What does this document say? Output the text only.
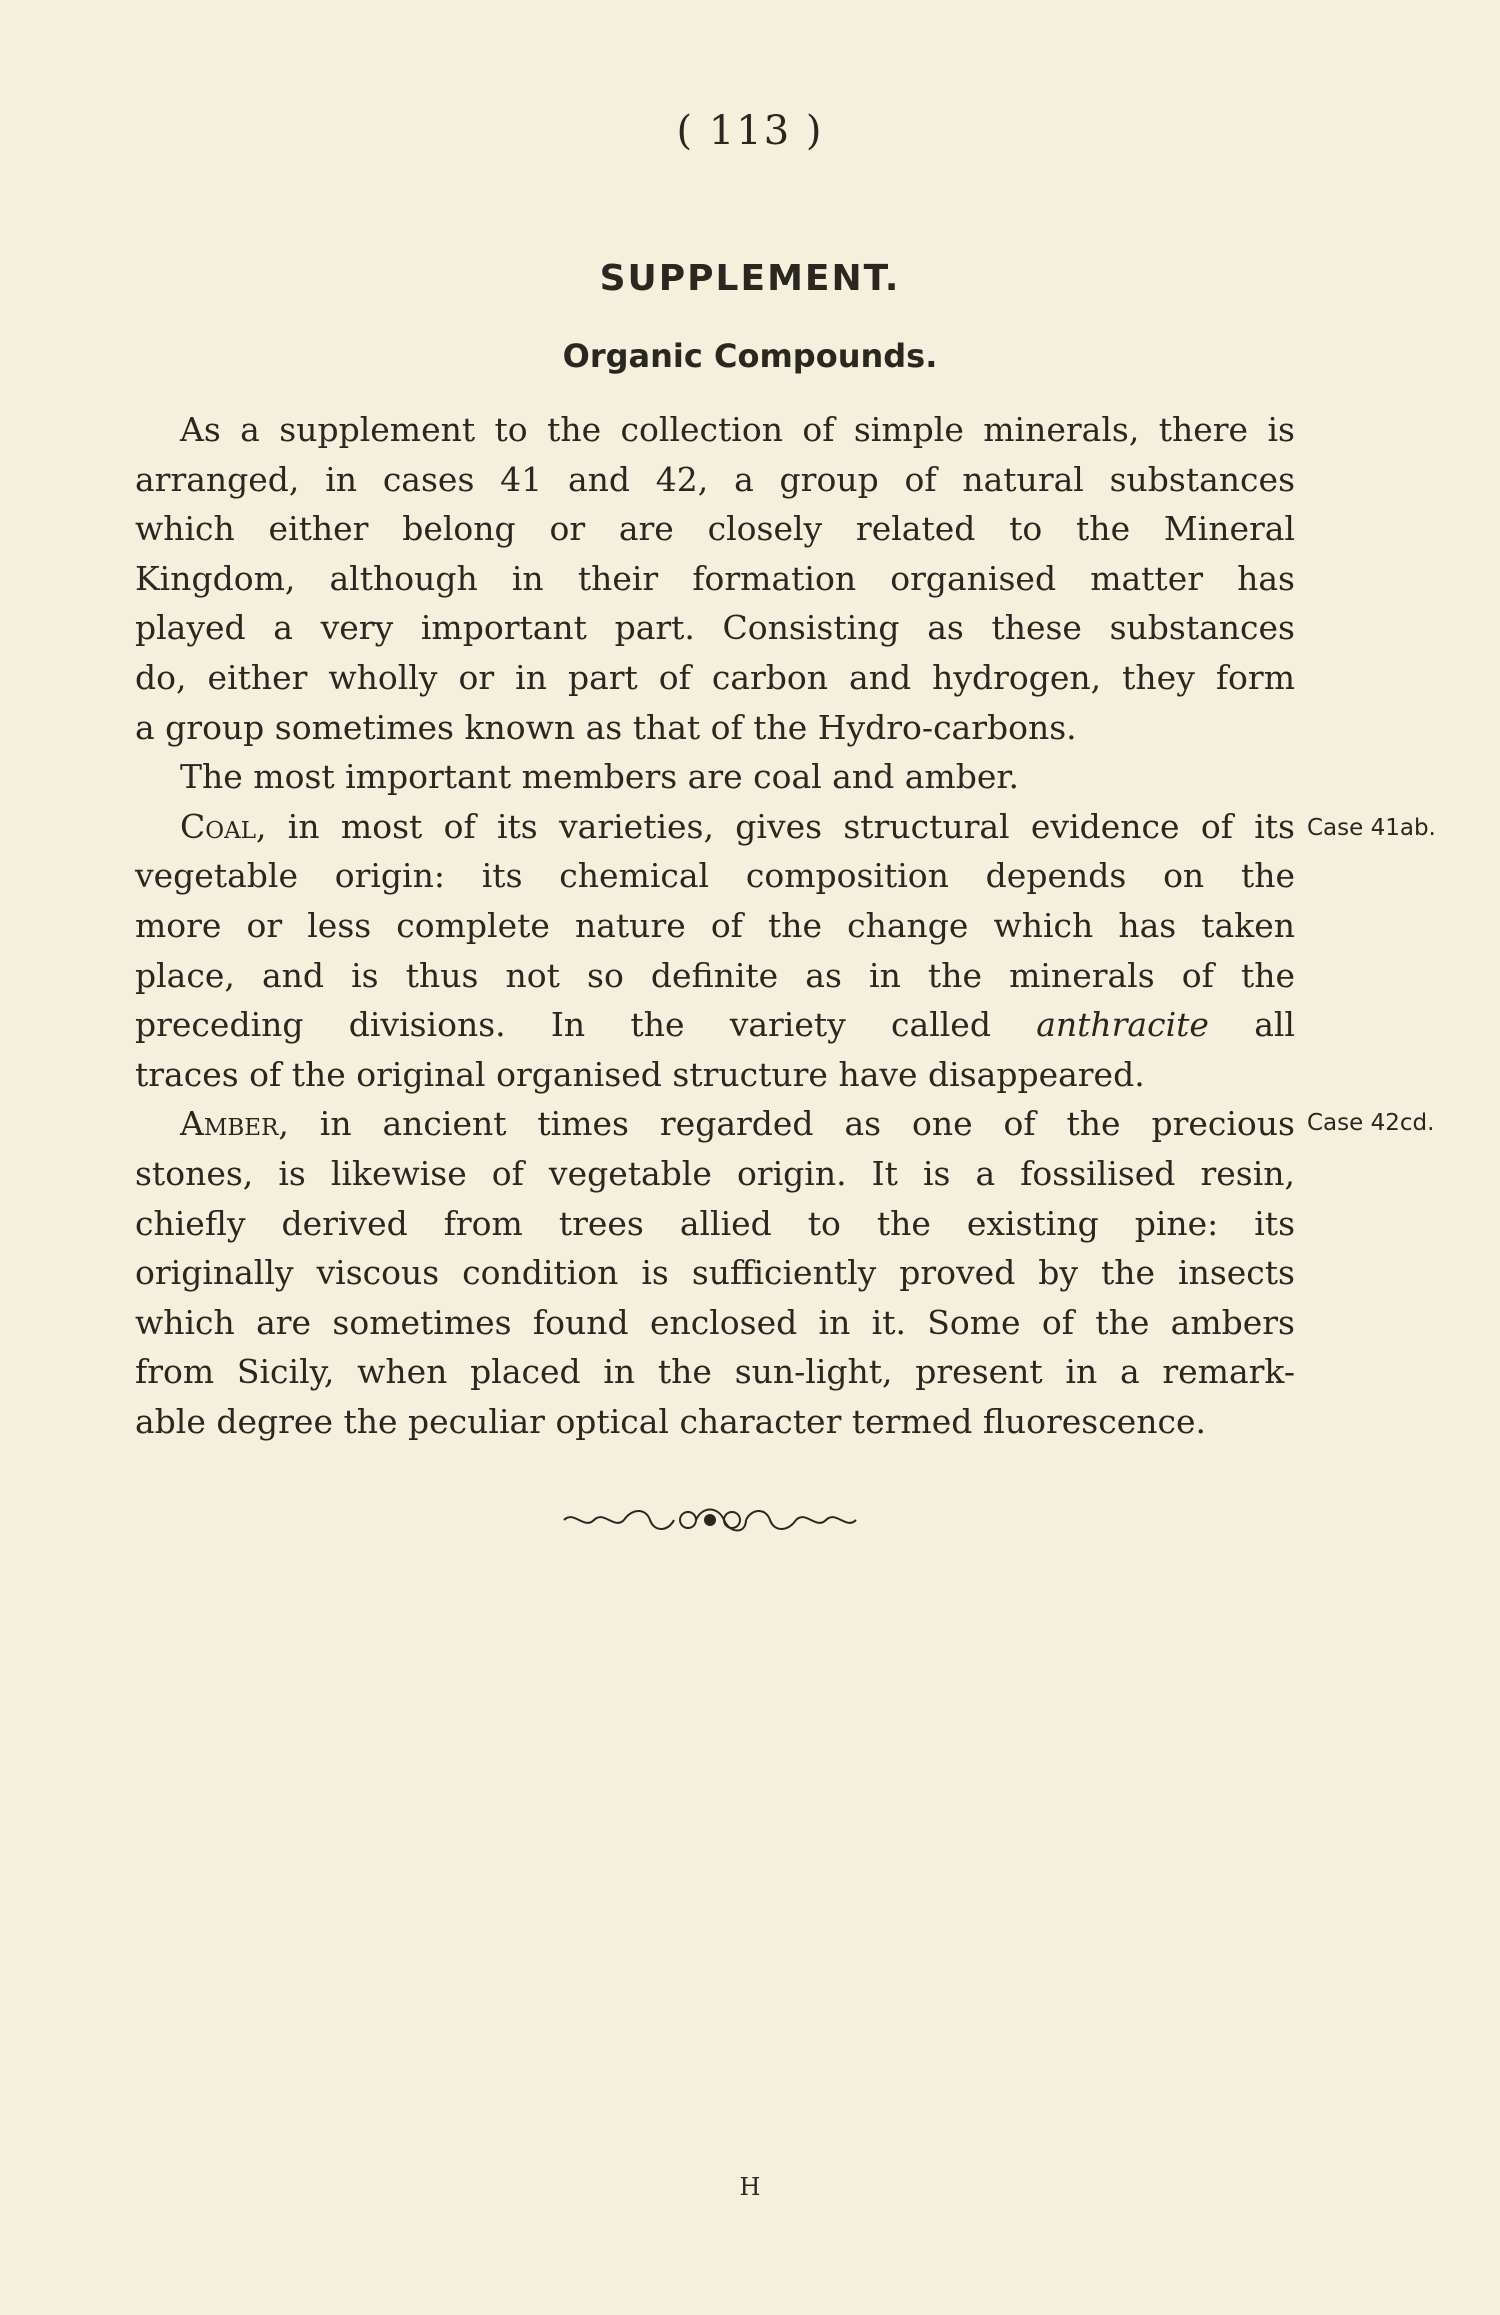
( 113 )
SUPPLEMENT.
Organic Compounds.
As a supplement to the collection of simple minerals, there is
arranged, in cases 41 and 42, a group of natural substances
which either belong or are closely related to the Mineral
Kingdom, although in their formation organised matter has
played a very important part. Consisting as these substances
do, either wholly or in part of carbon and hydrogen, they form
a group sometimes known as that of the Hydro-carbons.
The most important members are coal and amber.
Coal, in most of its varieties, gives structural evidence of its
vegetable origin: its chemical composition depends on the
more or less complete nature of the change which has taken
place, and is thus not so definite as in the minerals of the
preceding divisions. In the variety called anthracite all
traces of the original organised structure have disappeared.
Amber, in ancient times regarded as one of the precious
stones, is likewise of vegetable origin. It is a fossilised resin,
chiefly derived from trees allied to the existing pine: its
originally viscous condition is sufficiently proved by the insects
which are sometimes found enclosed in it. Some of the ambers
from Sicily, when placed in the sun-light, present in a remark-
able degree the peculiar optical character termed fluorescence.
Case 41ab.
Case 42cd.
H
